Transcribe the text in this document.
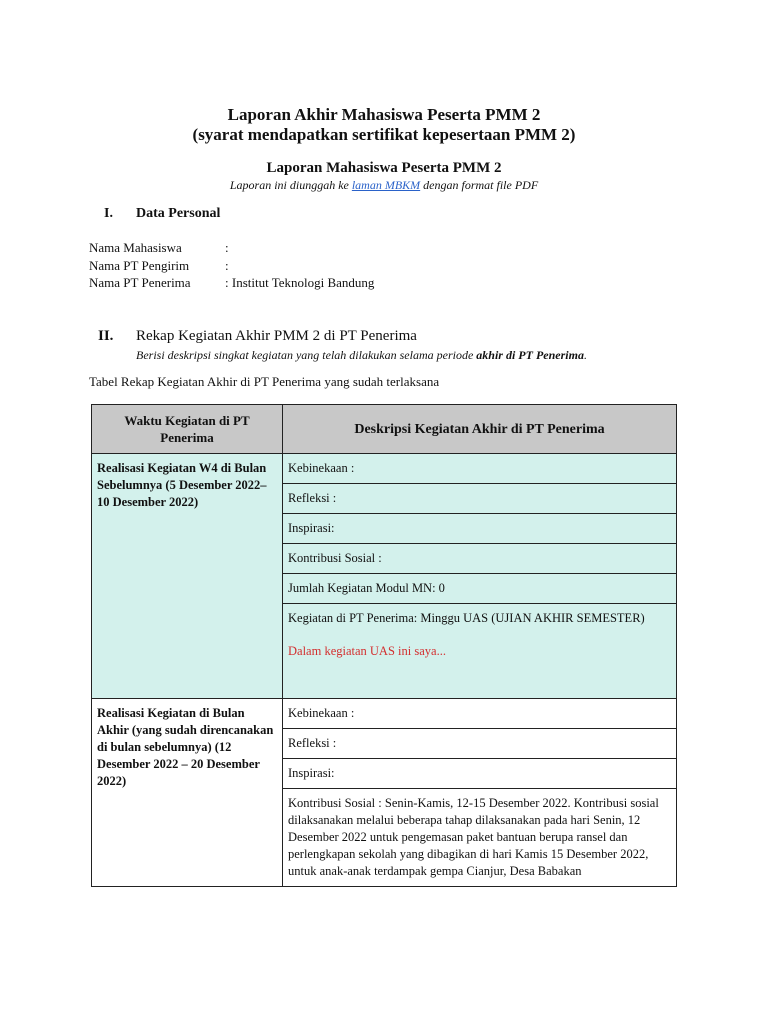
Laporan Akhir Mahasiswa Peserta PMM 2
(syarat mendapatkan sertifikat kepesertaan PMM 2)
Laporan Mahasiswa Peserta PMM 2
Laporan ini diunggah ke laman MBKM dengan format file PDF
I. Data Personal
Nama Mahasiswa	:
Nama PT Pengirim	:
Nama PT Penerima	: Institut Teknologi Bandung
II. Rekap Kegiatan Akhir PMM 2 di PT Penerima
Berisi deskripsi singkat kegiatan yang telah dilakukan selama periode akhir di PT Penerima.
Tabel Rekap Kegiatan Akhir di PT Penerima yang sudah terlaksana
Waktu Kegiatan di PT Penerima	Deskripsi Kegiatan Akhir di PT Penerima
Realisasi Kegiatan W4 di Bulan Sebelumnya (5 Desember 2022– 10 Desember 2022)	Kebinekaan :
	Refleksi :
	Inspirasi:
	Kontribusi Sosial :
	Jumlah Kegiatan Modul MN: 0

	Kegiatan di PT Penerima: Minggu UAS (UJIAN AKHIR SEMESTER)
Dalam kegiatan UAS ini saya...

Realisasi Kegiatan di Bulan Akhir (yang sudah direncanakan di bulan sebelumnya) (12 Desember 2022 – 20 Desember 2022)	Kebinekaan :
	Refleksi :
	Inspirasi:
	Kontribusi Sosial : Senin-Kamis, 12-15 Desember 2022. Kontribusi sosial dilaksanakan melalui beberapa tahap dilaksanakan pada hari Senin, 12 Desember 2022 untuk pengemasan paket bantuan berupa ransel dan perlengkapan sekolah yang dibagikan di hari Kamis 15 Desember 2022, untuk anak-anak terdampak gempa Cianjur, Desa Babakan
